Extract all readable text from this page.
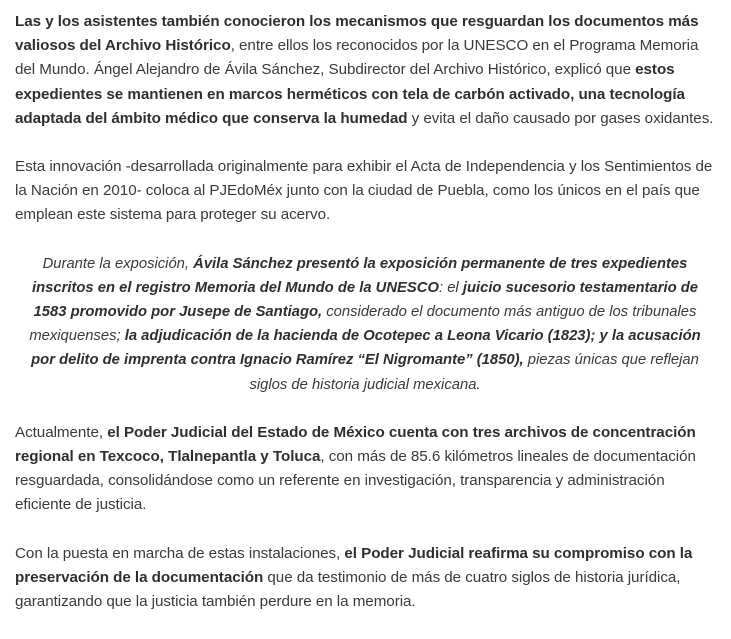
Las y los asistentes también conocieron los mecanismos que resguardan los documentos más valiosos del Archivo Histórico, entre ellos los reconocidos por la UNESCO en el Programa Memoria del Mundo. Ángel Alejandro de Ávila Sánchez, Subdirector del Archivo Histórico, explicó que estos expedientes se mantienen en marcos herméticos con tela de carbón activado, una tecnología adaptada del ámbito médico que conserva la humedad y evita el daño causado por gases oxidantes.

Esta innovación -desarrollada originalmente para exhibir el Acta de Independencia y los Sentimientos de la Nación en 2010- coloca al PJEdoMéx junto con la ciudad de Puebla, como los únicos en el país que emplean este sistema para proteger su acervo.

Durante la exposición, Ávila Sánchez presentó la exposición permanente de tres expedientes inscritos en el registro Memoria del Mundo de la UNESCO: el juicio sucesorio testamentario de 1583 promovido por Jusepe de Santiago, considerado el documento más antiguo de los tribunales mexiquenses; la adjudicación de la hacienda de Ocotepec a Leona Vicario (1823); y la acusación por delito de imprenta contra Ignacio Ramírez “El Nigromante” (1850), piezas únicas que reflejan siglos de historia judicial mexicana.

Actualmente, el Poder Judicial del Estado de México cuenta con tres archivos de concentración regional en Texcoco, Tlalnepantla y Toluca, con más de 85.6 kilómetros lineales de documentación resguardada, consolidándose como un referente en investigación, transparencia y administración eficiente de justicia.

Con la puesta en marcha de estas instalaciones, el Poder Judicial reafirma su compromiso con la preservación de la documentación que da testimonio de más de cuatro siglos de historia jurídica, garantizando que la justicia también perdure en la memoria.
